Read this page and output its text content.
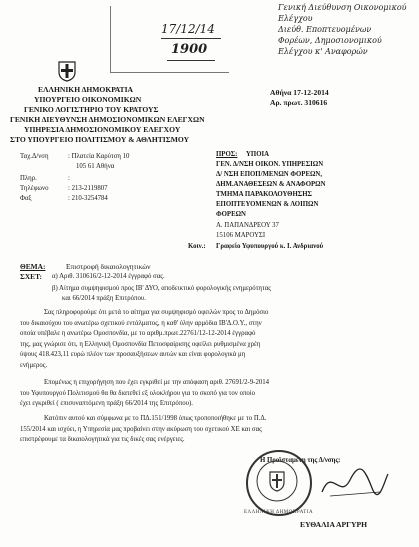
17/12/14
1900
Γενική Διεύθυνση Οικονομικού
Ελέγχου
Διεύθ. Εποπτευομένων
Φορέων, Δημοσιονομικού
Ελέγχου κ' Αναφορών
ΕΛΛΗΝΙΚΗ ΔΗΜΟΚΡΑΤΙΑ
ΥΠΟΥΡΓΕΙΟ ΟΙΚΟΝΟΜΙΚΩΝ
ΓΕΝΙΚΟ ΛΟΓΙΣΤΗΡΙΟ ΤΟΥ ΚΡΑΤΟΥΣ
ΓΕΝΙΚΗ ΔΙΕΥΘΥΝΣΗ ΔΗΜΟΣΙΟΝΟΜΙΚΩΝ ΕΛΕΓΧΩΝ
ΥΠΗΡΕΣΙΑ ΔΗΜΟΣΙΟΝΟΜΙΚΟΥ ΕΛΕΓΧΟΥ
ΣΤΟ ΥΠΟΥΡΓΕΙΟ ΠΟΛΙΤΙΣΜΟΥ & ΑΘΛΗΤΙΣΜΟΥ
Αθήνα 17-12-2014
Αρ. πρωτ. 310616
Ταχ.Δ/νση	: Πλατεία Καρύτση 10
105 61 Αθήνα
Πληρ.	:
Τηλέφωνο	: 213-2119807
Φαξ	: 210-3254784
ΠΡΟΣ: ΥΠΟΙΑ
ΓΕΝ. Δ/ΝΣΗ ΟΙΚΟΝ. ΥΠΗΡΕΣΙΩΝ
Δ/ ΝΣΗ ΕΠΟΠ/ΜΕΝΩΝ ΦΟΡΕΩΝ,
ΔΗΜ.ΑΝΑΘΕΣΕΩΝ & ΑΝΑΦΟΡΩΝ
ΤΜΗΜΑ ΠΑΡΑΚΟΛΟΥΘΗΣΗΣ
ΕΠΟΠΤΕΥΟΜΕΝΩΝ & ΛΟΙΠΩΝ
ΦΟΡΕΩΝ
Α. ΠΑΠΑΝΔΡΕΟΥ 37
15106 ΜΑΡΟΥΣΙ
Κοιν.: Γραφείο Υφυπουργού κ. Ι. Ανδριανού
ΘΕΜΑ:	Επιστροφή δικαιολογητικών
ΣΧΕΤ: α) Αριθ. 310616/2-12-2014 έγγραφό σας.
β) Αίτημα συμψηφισμού προς ΙΒ' ΔΥΟ, αποδεικτικό φορολογικής ενημερότητας
και 66/2014 πράξη Επιτρόπου.
Σας πληροφορούμε ότι μετά το αίτημα για συμψηφισμό οφειλών προς το Δημόσιο
του δικαιούχου του ανωτέρω σχετικού εντάλματος, η καθ' ύλην αρμόδια ΙΒ'Δ.Ο.Υ., στην
οποία υπέβαλε η ανωτέρω Ομοσπονδία, με το αριθμ.πρωτ.22761/12-12-2014 έγγραφό
της, μας γνώρισε ότι, η Ελληνική Ομοσπονδία Πετοσφαίρισης οφείλει ρυθμισμένα χρέη
ύψους 418.423,11 ευρώ πλέον των προσαυξήσεων αυτών και είναι φορολογικά μη
ενήμερος.
Επομένως η επιχορήγηση που έχει εγκριθεί με την απόφαση αριθ. 27691/2-9-2014
του Υφυπουργού Πολιτισμού θα θα διατεθεί εξ ολοκλήρου για το σκοπό για τον οποίο
έχει εγκριθεί ( επισυναπτόμενη πράξη 66/2014 της Επιτρόπου).
Κατόπιν αυτού και σύμφωνα με το ΠΔ.151/1998 όπως τροποποιήθηκε με το Π.Δ.
155/2014 και ισχύει, η Υπηρεσία μας προβαίνει στην ακύρωση του σχετικού ΧΕ και σας
επιστρέφουμε τα δικαιολογητικά για τις δικές σας ενέργειες.
Η Προϊσταμένη της Δ/νσης:
ΕΛΛΗΝΙΚΗ ΔΗΜΟΚΡΑΤΙΑ
ΕΥΘΑΛΙΑ ΑΡΓΥΡΗ
